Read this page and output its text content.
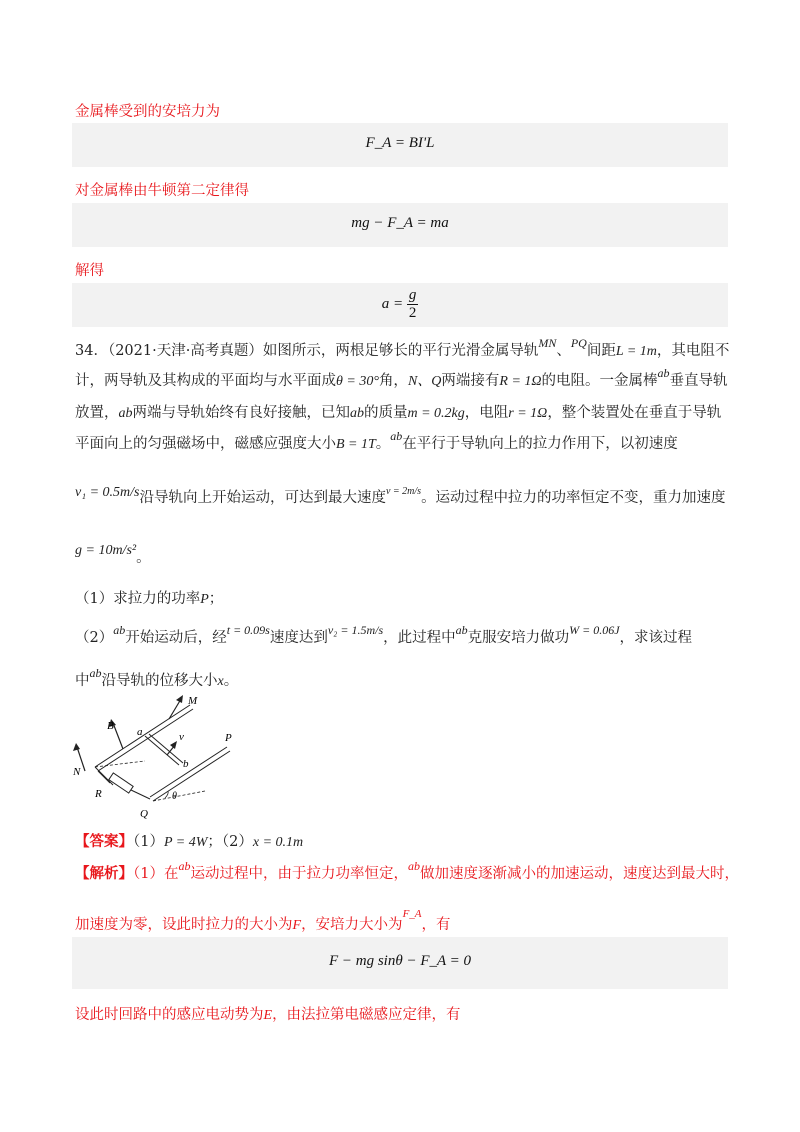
金属棒受到的安培力为
F_A = BI'L
对金属棒由牛顿第二定律得
mg − F_A = ma
解得
$a = \frac{g}{2}$
34．（2021·天津·高考真题）如图所示，两根足够长的平行光滑金属导轨$^{MN}$、$^{PQ}$间距L = 1m，其电阻不
计，两导轨及其构成的平面均与水平面成θ = 30°角，N、Q两端接有R = 1Ω的电阻。一金属棒$^{ab}$垂直导轨
放置，ab两端与导轨始终有良好接触，已知ab的质量m = 0.2kg，电阻r = 1Ω，整个装置处在垂直于导轨
平面向上的匀强磁场中，磁感应强度大小B = 1T。$^{ab}$在平行于导轨向上的拉力作用下，以初速度
v₁ = 0.5m/s沿导轨向上开始运动，可达到最大速度$^{v = 2m/s}$。运动过程中拉力的功率恒定不变，重力加速度
g = 10m/s²。
（1）求拉力的功率P；
$(2)^{ab}$开始运动后，经$^{t = 0.09s}$速度达到$^{v_2 = 1.5m/s}$，此过程中$^{ab}$克服安培力做功$^{W = 0.06J}$，求该过程
中$^{ab}$沿导轨的位移大小x。
M
P
N
Q
B a
b
v
R	θ
【答案】（1）P = 4W；（2）x = 0.1m
【解析】（1）在$^{ab}$运动过程中，由于拉力功率恒定，$^{ab}$做加速度逐渐减小的加速运动，速度达到最大时，
加速度为零，设此时拉力的大小为F，安培力大小为$^{F\_A}$，有
F − mg sinθ − F_A = 0
设此时回路中的感应电动势为E，由法拉第电磁感应定律，有
